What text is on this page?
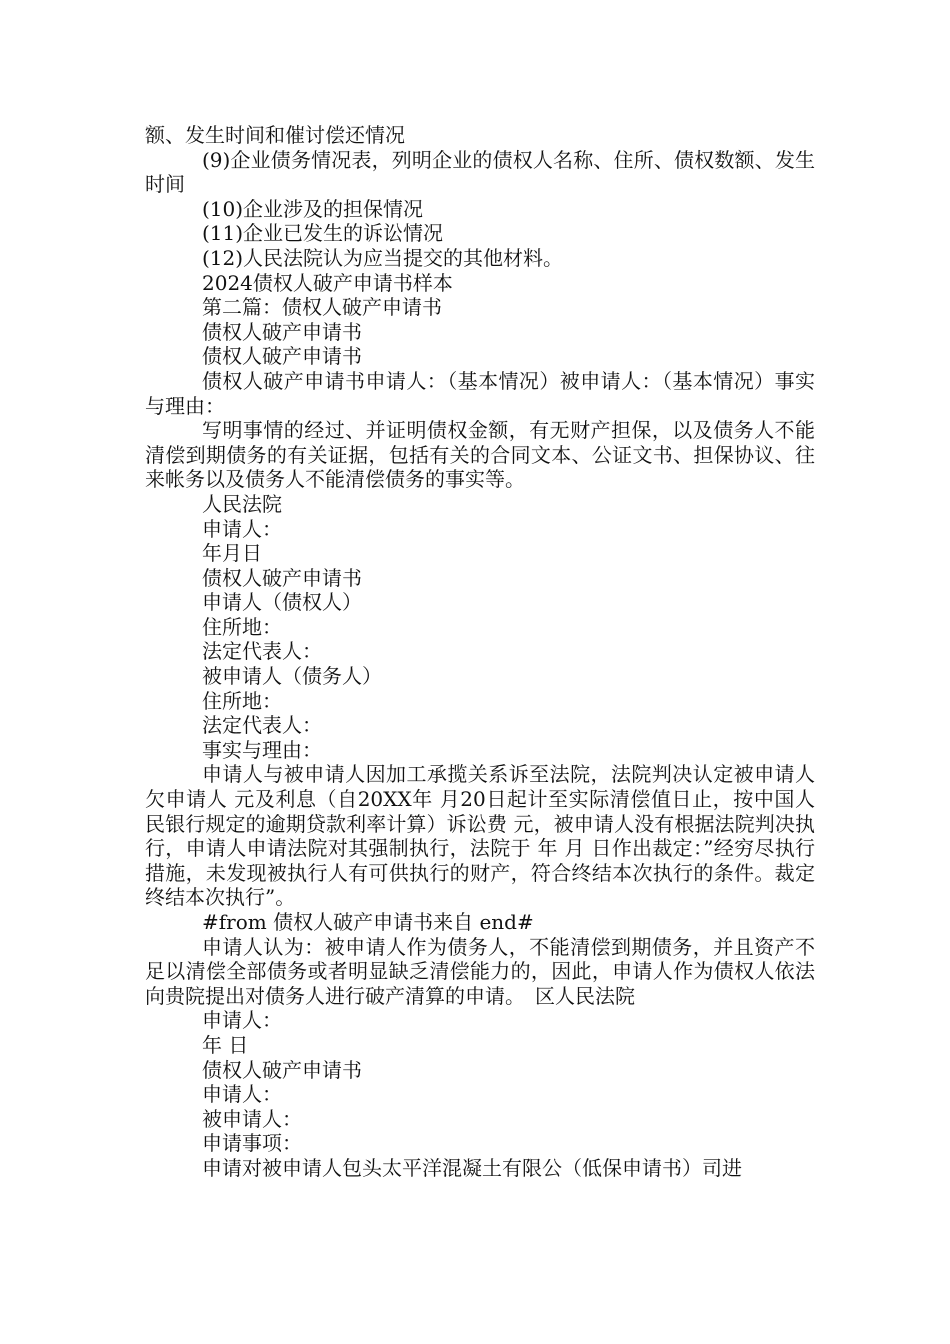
额、发生时间和催讨偿还情况

(9)企业债务情况表，列明企业的债权人名称、住所、债权数额、发生时间

(10)企业涉及的担保情况

(11)企业已发生的诉讼情况

(12)人民法院认为应当提交的其他材料。

2024债权人破产申请书样本

第二篇：债权人破产申请书

债权人破产申请书

债权人破产申请书

债权人破产申请书申请人：（基本情况）被申请人：（基本情况）事实与理由：

写明事情的经过、并证明债权金额，有无财产担保，以及债务人不能清偿到期债务的有关证据，包括有关的合同文本、公证文书、担保协议、往来帐务以及债务人不能清偿债务的事实等。

人民法院

申请人：

年月日

债权人破产申请书

申请人（债权人）

住所地：

法定代表人：

被申请人（债务人）

住所地：

法定代表人：

事实与理由：

申请人与被申请人因加工承揽关系诉至法院，法院判决认定被申请人欠申请人 元及利息（自20XX年 月20日起计至实际清偿值日止，按中国人民银行规定的逾期贷款利率计算）诉讼费 元，被申请人没有根据法院判决执行，申请人申请法院对其强制执行，法院于 年 月 日作出裁定：”经穷尽执行措施，未发现被执行人有可供执行的财产，符合终结本次执行的条件。裁定终结本次执行”。

#from 债权人破产申请书来自 end#

申请人认为：被申请人作为债务人，不能清偿到期债务，并且资产不足以清偿全部债务或者明显缺乏清偿能力的，因此，申请人作为债权人依法向贵院提出对债务人进行破产清算的申请。　区人民法院

申请人：

年 日

债权人破产申请书

申请人：

被申请人：

申请事项：

申请对被申请人包头太平洋混凝土有限公（低保申请书）司进
